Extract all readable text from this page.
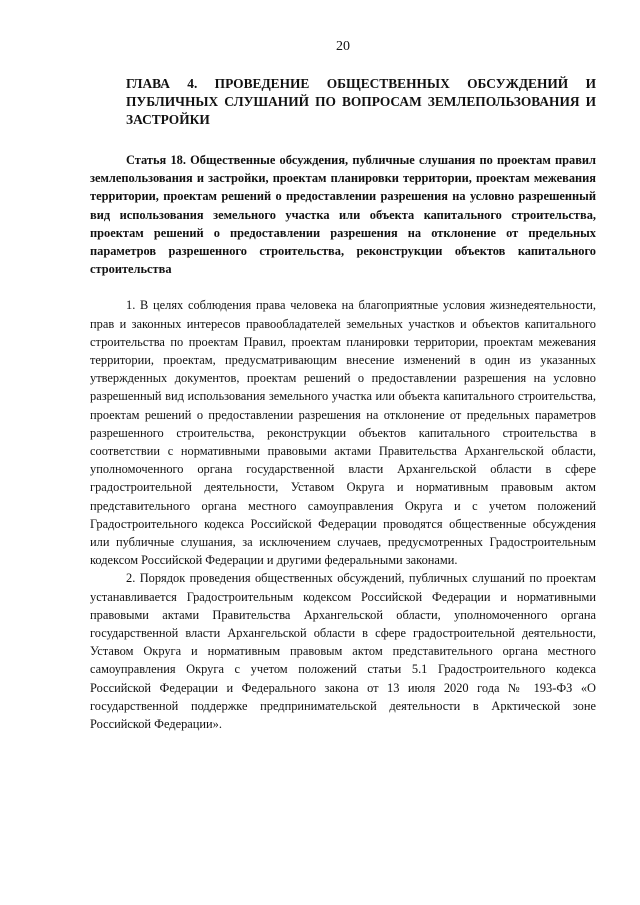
20
ГЛАВА 4. ПРОВЕДЕНИЕ ОБЩЕСТВЕННЫХ ОБСУЖДЕНИЙ И ПУБЛИЧНЫХ СЛУШАНИЙ ПО ВОПРОСАМ ЗЕМЛЕПОЛЬЗОВАНИЯ И ЗАСТРОЙКИ
Статья 18. Общественные обсуждения, публичные слушания по проектам правил землепользования и застройки, проектам планировки территории, проектам межевания территории, проектам решений о предоставлении разрешения на условно разрешенный вид использования земельного участка или объекта капитального строительства, проектам решений о предоставлении разрешения на отклонение от предельных параметров разрешенного строительства, реконструкции объектов капитального строительства

1. В целях соблюдения права человека на благоприятные условия жизнедеятельности, прав и законных интересов правообладателей земельных участков и объектов капитального строительства по проектам Правил, проектам планировки территории, проектам межевания территории, проектам, предусматривающим внесение изменений в один из указанных утвержденных документов, проектам решений о предоставлении разрешения на условно разрешенный вид использования земельного участка или объекта капитального строительства, проектам решений о предоставлении разрешения на отклонение от предельных параметров разрешенного строительства, реконструкции объектов капитального строительства в соответствии с нормативными правовыми актами Правительства Архангельской области, уполномоченного органа государственной власти Архангельской области в сфере градостроительной деятельности, Уставом Округа и нормативным правовым актом представительного органа местного самоуправления Округа и с учетом положений Градостроительного кодекса Российской Федерации проводятся общественные обсуждения или публичные слушания, за исключением случаев, предусмотренных Градостроительным кодексом Российской Федерации и другими федеральными законами.

2. Порядок проведения общественных обсуждений, публичных слушаний по проектам устанавливается Градостроительным кодексом Российской Федерации и нормативными правовыми актами Правительства Архангельской области, уполномоченного органа государственной власти Архангельской области в сфере градостроительной деятельности, Уставом Округа и нормативным правовым актом представительного органа местного самоуправления Округа с учетом положений статьи 5.1 Градостроительного кодекса Российской Федерации и Федерального закона от 13 июля 2020 года № 193-ФЗ «О государственной поддержке предпринимательской деятельности в Арктической зоне Российской Федерации».
